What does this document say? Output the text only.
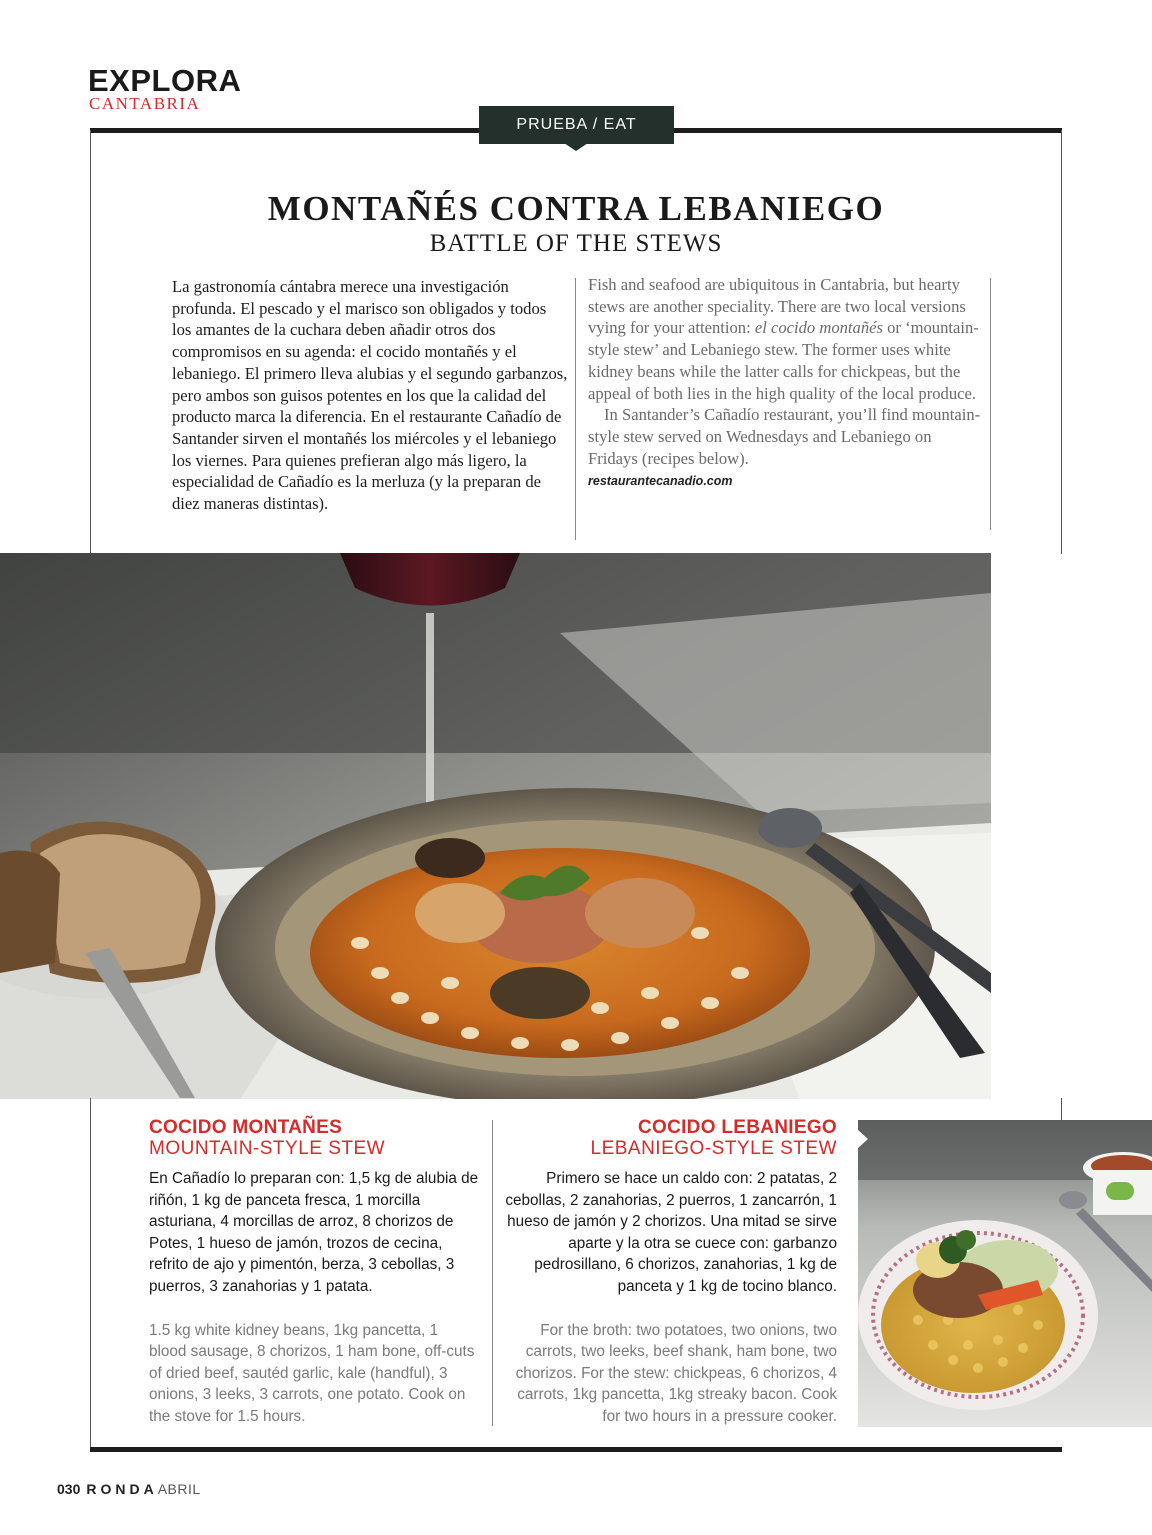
EXPLORA
CANTABRIA
PRUEBA / EAT
MONTAÑÉS CONTRA LEBANIEGO
BATTLE OF THE STEWS

La gastronomía cántabra merece una investigación profunda. El pescado y el marisco son obligados y todos los amantes de la cuchara deben añadir otros dos compromisos en su agenda: el cocido montañés y el lebaniego. El primero lleva alubias y el segundo garbanzos, pero ambos son guisos potentes en los que la calidad del producto marca la diferencia. En el restaurante Cañadío de Santander sirven el montañés los miércoles y el lebaniego los viernes. Para quienes prefieran algo más ligero, la especialidad de Cañadío es la merluza (y la preparan de diez maneras distintas).

Fish and seafood are ubiquitous in Cantabria, but hearty stews are another speciality. There are two local versions vying for your attention: el cocido montañés or ‘mountain-style stew’ and Lebaniego stew. The former uses white kidney beans while the latter calls for chickpeas, but the appeal of both lies in the high quality of the local produce.

In Santander’s Cañadío restaurant, you’ll find mountain-style stew served on Wednesdays and Lebaniego on Fridays (recipes below).

restaurantecanadio.com
COCIDO MONTAÑES
MOUNTAIN-STYLE STEW
En Cañadío lo preparan con: 1,5 kg de alubia de riñón, 1 kg de panceta fresca, 1 morcilla asturiana, 4 morcillas de arroz, 8 chorizos de Potes, 1 hueso de jamón, trozos de cecina, refrito de ajo y pimentón, berza, 3 cebollas, 3 puerros, 3 zanahorias y 1 patata.
1.5 kg white kidney beans, 1kg pancetta, 1 blood sausage, 8 chorizos, 1 ham bone, off-cuts of dried beef, sautéd garlic, kale (handful), 3 onions, 3 leeks, 3 carrots, one potato. Cook on the stove for 1.5 hours.
COCIDO LEBANIEGO
LEBANIEGO-STYLE STEW
Primero se hace un caldo con: 2 patatas, 2 cebollas, 2 zanahorias, 2 puerros, 1 zancarrón, 1 hueso de jamón y 2 chorizos. Una mitad se sirve aparte y la otra se cuece con: garbanzo pedrosillano, 6 chorizos, zanahorias, 1 kg de panceta y 1 kg de tocino blanco.
For the broth: two potatoes, two onions, two carrots, two leeks, beef shank, ham bone, two chorizos. For the stew: chickpeas, 6 chorizos, 4 carrots, 1kg pancetta, 1kg streaky bacon. Cook for two hours in a pressure cooker.
030 RONDAABRIL
